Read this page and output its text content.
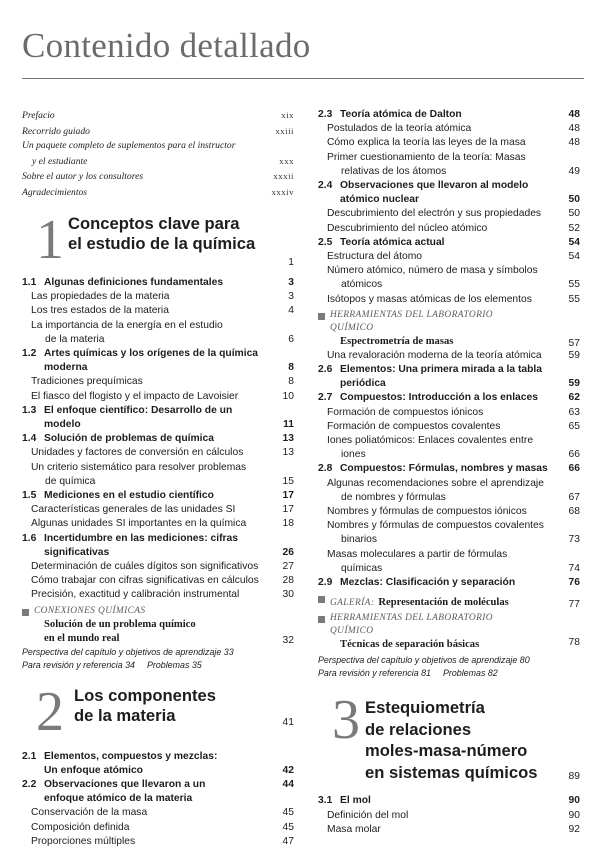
Contenido detallado
Prefacio	xix
Recorrido guiado	xxiii
Un paquete completo de suplementos para el instructor
y el estudiante	xxx
Sobre el autor y los consultores	xxxii
Agradecimientos	xxxiv
1 Conceptos clave para
el estudio de la química
1
1.1 Algunas definiciones fundamentales	3
Las propiedades de la materia	3
Los tres estados de la materia	4
La importancia de la energía en el estudio
de la materia	6
1.2 Artes químicas y los orígenes de la química
moderna	8
Tradiciones prequímicas	8
El fiasco del flogisto y el impacto de Lavoisier	10
1.3 El enfoque científico: Desarrollo de un
modelo	11
1.4 Solución de problemas de química	13
Unidades y factores de conversión en cálculos	13
Un criterio sistemático para resolver problemas
de química	15
1.5 Mediciones en el estudio científico	17
Características generales de las unidades SI	17
Algunas unidades SI importantes en la química	18
1.6 Incertidumbre en las mediciones: cifras
significativas	26
Determinación de cuáles dígitos son significativos	27
Cómo trabajar con cifras significativas en cálculos	28
Precisión, exactitud y calibración instrumental	30
CONEXIONES QUÍMICAS
Solución de un problema químico
en el mundo real	32
Perspectiva del capítulo y objetivos de aprendizaje 33
Para revisión y referencia 34 Problemas 35
2 Los componentes
de la materia	41
2.1 Elementos, compuestos y mezclas:
Un enfoque atómico	42
2.2 Observaciones que llevaron a un
enfoque atómico de la materia
44
Conservación de la masa	45
Composición definida	45
Proporciones múltiples	47
2.3 Teoría atómica de Dalton	48
Postulados de la teoría atómica	48
Cómo explica la teoría las leyes de la masa	48
Primer cuestionamiento de la teoría: Masas
relativas de los átomos	49
2.4 Observaciones que llevaron al modelo
atómico nuclear	50
Descubrimiento del electrón y sus propiedades	50
Descubrimiento del núcleo atómico	52
2.5 Teoría atómica actual	54
Estructura del átomo	54
Número atómico, número de masa y símbolos
atómicos	55
Isótopos y masas atómicas de los elementos	55
HERRAMIENTAS DEL LABORATORIO
QUÍMICO
Espectrometría de masas	57
Una revaloración moderna de la teoría atómica	59
2.6 Elementos: Una primera mirada a la tabla
periódica	59
2.7 Compuestos: Introducción a los enlaces	62
Formación de compuestos iónicos	63
Formación de compuestos covalentes	65
Iones poliatómicos: Enlaces covalentes entre
iones	66
2.8 Compuestos: Fórmulas, nombres y masas	66
Algunas recomendaciones sobre el aprendizaje
de nombres y fórmulas	67
Nombres y fórmulas de compuestos iónicos	68
Nombres y fórmulas de compuestos covalentes
binarios	73
Masas moleculares a partir de fórmulas
químicas	74
2.9 Mezclas: Clasificación y separación	76
GALERÍA: Representación de moléculas	77
HERRAMIENTAS DEL LABORATORIO
QUÍMICO
Técnicas de separación básicas	78
Perspectiva del capítulo y objetivos de aprendizaje 80
Para revisión y referencia 81 Problemas 82
3 Estequiometría
de relaciones
moles-masa-número
en sistemas químicos	89
3.1 El mol	90
Definición del mol	90
Masa molar	92
